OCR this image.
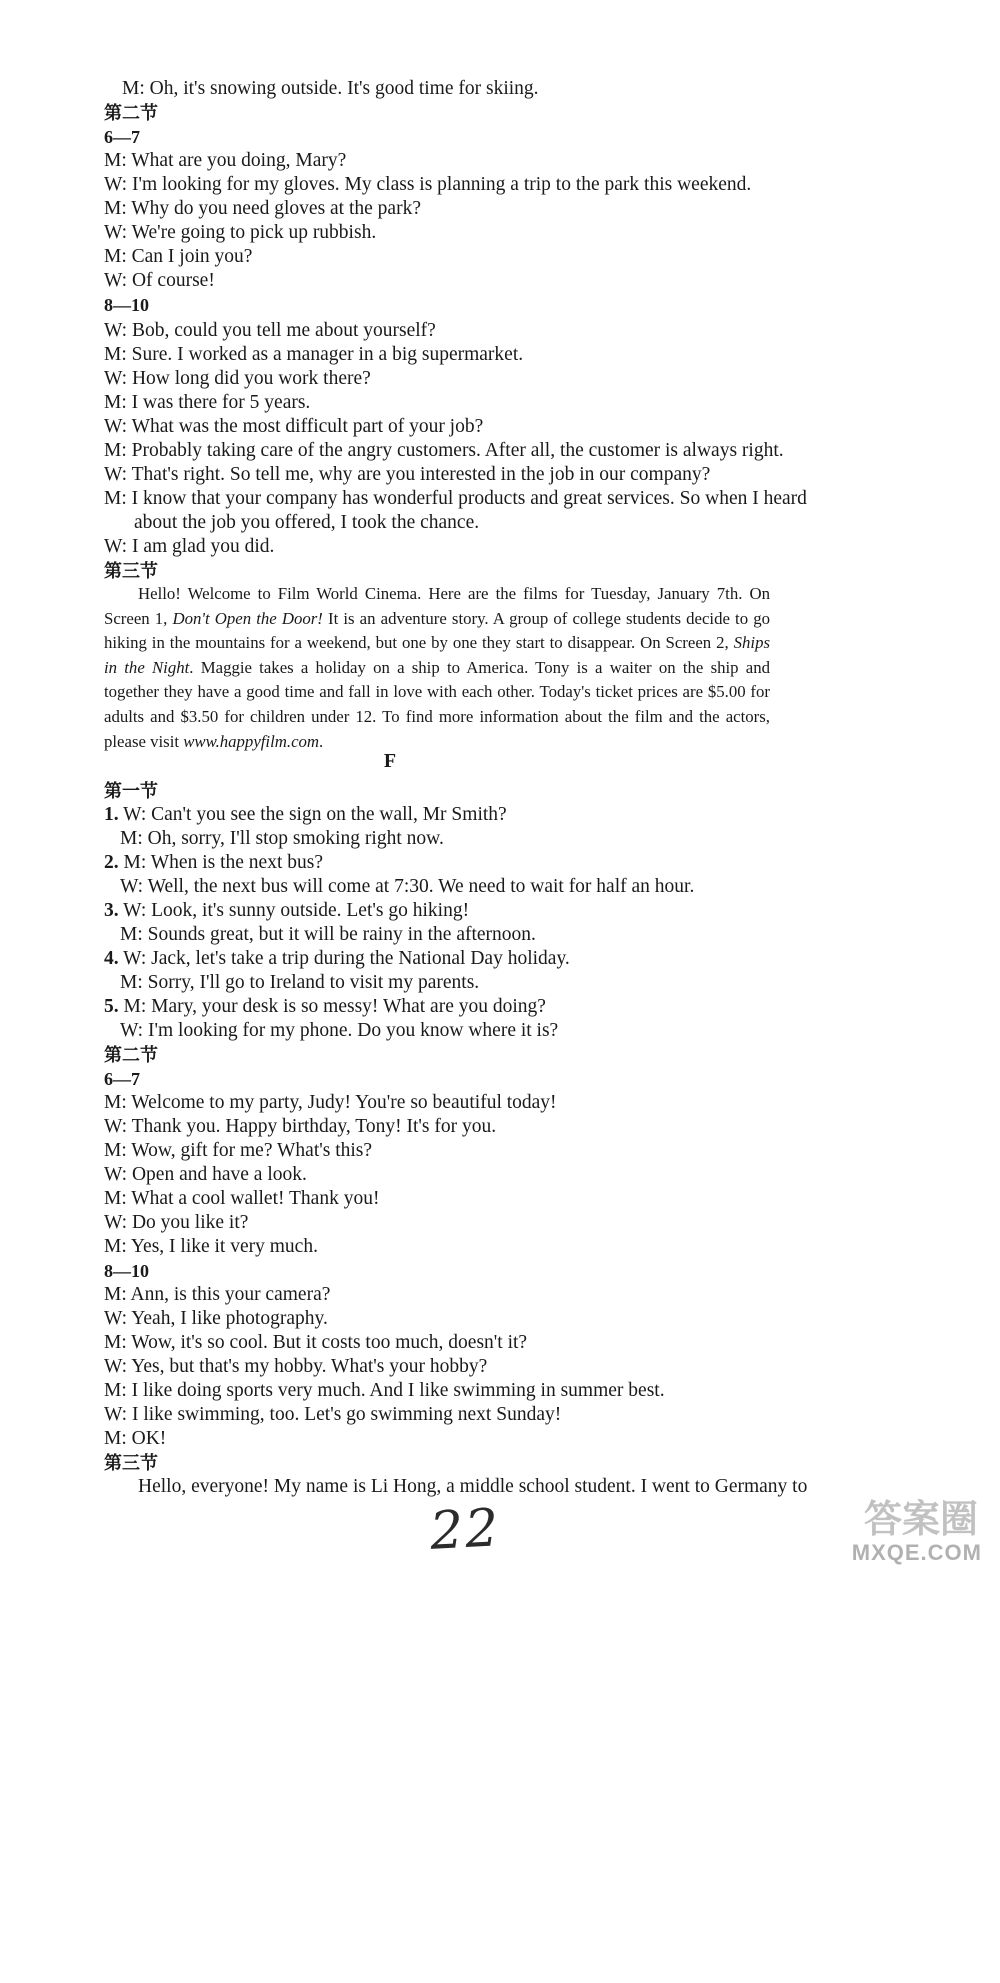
M: Oh, it's snowing outside. It's good time for skiing.
第二节
6—7
M: What are you doing, Mary?
W: I'm looking for my gloves. My class is planning a trip to the park this weekend.
M: Why do you need gloves at the park?
W: We're going to pick up rubbish.
M: Can I join you?
W: Of course!
8—10
W: Bob, could you tell me about yourself?
M: Sure. I worked as a manager in a big supermarket.
W: How long did you work there?
M: I was there for 5 years.
W: What was the most difficult part of your job?
M: Probably taking care of the angry customers. After all, the customer is always right.
W: That's right. So tell me, why are you interested in the job in our company?
M: I know that your company has wonderful products and great services. So when I heard
about the job you offered, I took the chance.
W: I am glad you did.
第三节
Hello! Welcome to Film World Cinema. Here are the films for Tuesday, January 7th. On Screen 1, Don't Open the Door! It is an adventure story. A group of college students decide to go hiking in the mountains for a weekend, but one by one they start to disappear. On Screen 2, Ships in the Night. Maggie takes a holiday on a ship to America. Tony is a waiter on the ship and together they have a good time and fall in love with each other. Today's ticket prices are $5.00 for adults and $3.50 for children under 12. To find more information about the film and the actors, please visit www.happyfilm.com.
F
第一节
1. W: Can't you see the sign on the wall, Mr Smith?
M: Oh, sorry, I'll stop smoking right now.
2. M: When is the next bus?
W: Well, the next bus will come at 7:30. We need to wait for half an hour.
3. W: Look, it's sunny outside. Let's go hiking!
M: Sounds great, but it will be rainy in the afternoon.
4. W: Jack, let's take a trip during the National Day holiday.
M: Sorry, I'll go to Ireland to visit my parents.
5. M: Mary, your desk is so messy! What are you doing?
W: I'm looking for my phone. Do you know where it is?
第二节
6—7
M: Welcome to my party, Judy! You're so beautiful today!
W: Thank you. Happy birthday, Tony! It's for you.
M: Wow, gift for me? What's this?
W: Open and have a look.
M: What a cool wallet! Thank you!
W: Do you like it?
M: Yes, I like it very much.
8—10
M: Ann, is this your camera?
W: Yeah, I like photography.
M: Wow, it's so cool. But it costs too much, doesn't it?
W: Yes, but that's my hobby. What's your hobby?
M: I like doing sports very much. And I like swimming in summer best.
W: I like swimming, too. Let's go swimming next Sunday!
M: OK!
第三节
Hello, everyone! My name is Li Hong, a middle school student. I went to Germany to
22	答案圈
MXQE.COM
